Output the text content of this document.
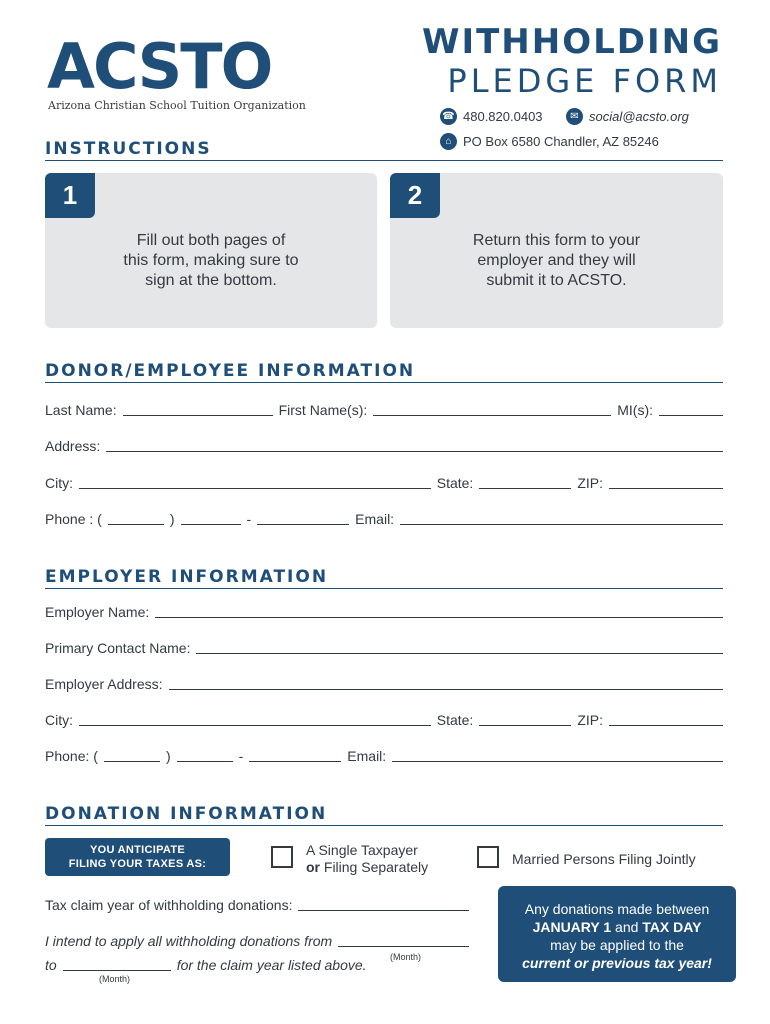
ACSTO
Arizona Christian School Tuition Organization
WITHHOLDING
PLEDGE FORM
☎ 480.820.0403	✉ social@acsto.org
⌂ PO Box 6580 Chandler, AZ 85246
INSTRUCTIONS
1
Fill out both pages of
this form, making sure to
sign at the bottom.
2
Return this form to your
employer and they will
submit it to ACSTO.
DONOR/EMPLOYEE INFORMATION
Last Name:	First Name(s):	MI(s):
Address:
City:	State:	ZIP:
Phone : (	)	-	Email:
EMPLOYER INFORMATION
Employer Name:
Primary Contact Name:
Employer Address:
City:	State:	ZIP:
Phone: (	)	-	Email:
DONATION INFORMATION
YOU ANTICIPATE
FILING YOUR TAXES AS:
A Single Taxpayer
or Filing Separately	Married Persons Filing Jointly
Tax claim year of withholding donations:
I intend to apply all withholding donations from
(Month)
to	for the claim year listed above.
(Month)
Any donations made between
JANUARY 1 and TAX DAY
may be applied to the
current or previous tax year!
